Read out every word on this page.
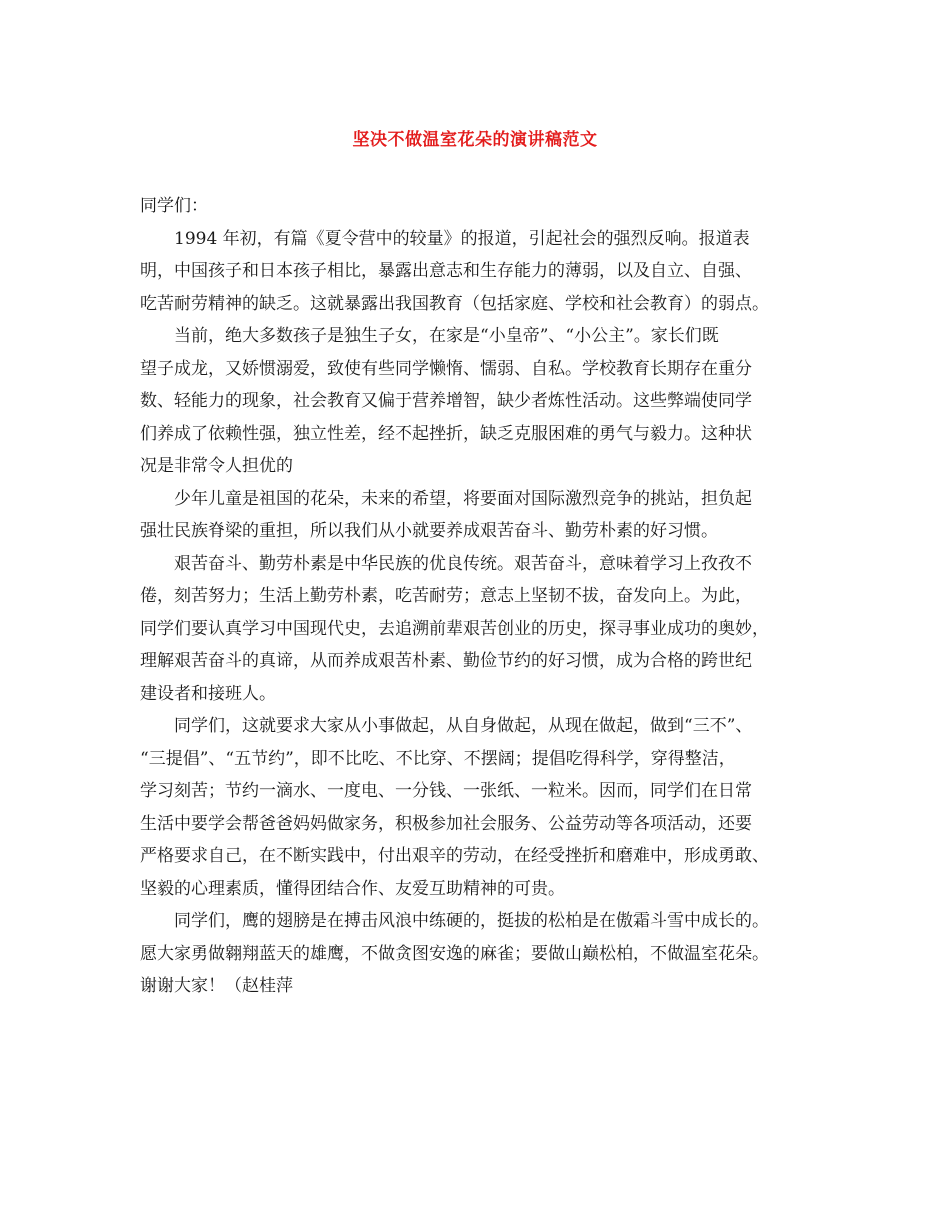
坚决不做温室花朵的演讲稿范文

同学们：

1994 年初，有篇《夏令营中的较量》的报道，引起社会的强烈反响。报道表
明，中国孩子和日本孩子相比，暴露出意志和生存能力的薄弱，以及自立、自强、
吃苦耐劳精神的缺乏。这就暴露出我国教育（包括家庭、学校和社会教育）的弱点。

当前，绝大多数孩子是独生子女，在家是“小皇帝”、“小公主”。家长们既
望子成龙，又娇惯溺爱，致使有些同学懒惰、懦弱、自私。学校教育长期存在重分
数、轻能力的现象，社会教育又偏于营养增智，缺少者炼性活动。这些弊端使同学
们养成了依赖性强，独立性差，经不起挫折，缺乏克服困难的勇气与毅力。这种状
况是非常令人担优的

少年儿童是祖国的花朵，未来的希望，将要面对国际激烈竞争的挑站，担负起
强壮民族脊梁的重担，所以我们从小就要养成艰苦奋斗、勤劳朴素的好习惯。

艰苦奋斗、勤劳朴素是中华民族的优良传统。艰苦奋斗，意味着学习上孜孜不
倦，刻苦努力；生活上勤劳朴素，吃苦耐劳；意志上坚韧不拔，奋发向上。为此，
同学们要认真学习中国现代史，去追溯前辈艰苦创业的历史，探寻事业成功的奥妙，
理解艰苦奋斗的真谛，从而养成艰苦朴素、勤俭节约的好习惯，成为合格的跨世纪
建设者和接班人。

同学们，这就要求大家从小事做起，从自身做起，从现在做起，做到“三不”、
“三提倡”、“五节约”，即不比吃、不比穿、不摆阔；提倡吃得科学，穿得整洁，
学习刻苦；节约一滴水、一度电、一分钱、一张纸、一粒米。因而，同学们在日常
生活中要学会帮爸爸妈妈做家务，积极参加社会服务、公益劳动等各项活动，还要
严格要求自己，在不断实践中，付出艰辛的劳动，在经受挫折和磨难中，形成勇敢、
坚毅的心理素质，懂得团结合作、友爱互助精神的可贵。

同学们，鹰的翅膀是在搏击风浪中练硬的，挺拔的松柏是在傲霜斗雪中成长的。
愿大家勇做翱翔蓝天的雄鹰，不做贪图安逸的麻雀；要做山巅松柏，不做温室花朵。
谢谢大家！（赵桂萍
